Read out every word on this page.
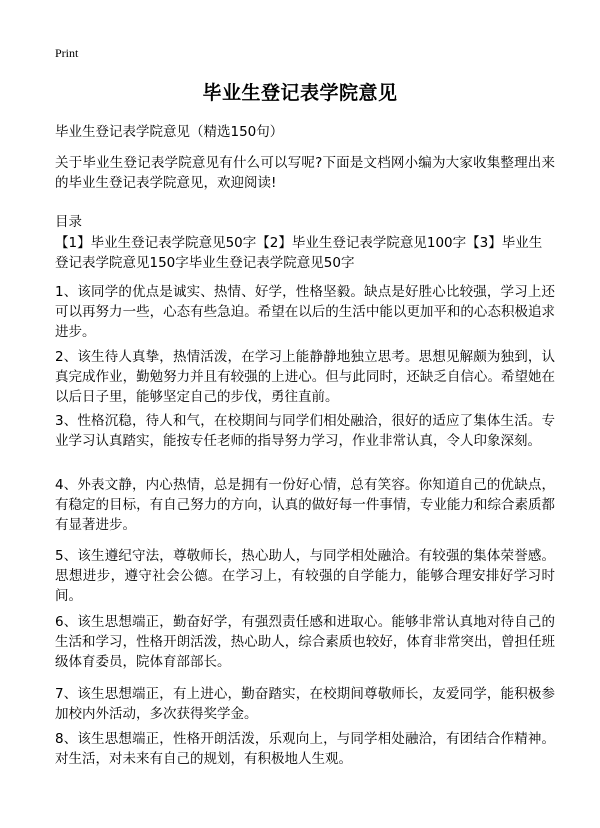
Print
毕业生登记表学院意见
毕业生登记表学院意见（精选150句）
关于毕业生登记表学院意见有什么可以写呢?下面是文档网小编为大家收集整理出来的毕业生登记表学院意见，欢迎阅读!
目录
【1】毕业生登记表学院意见50字【2】毕业生登记表学院意见100字【3】毕业生登记表学院意见150字毕业生登记表学院意见50字
1、该同学的优点是诚实、热情、好学，性格坚毅。缺点是好胜心比较强，学习上还可以再努力一些，心态有些急迫。希望在以后的生活中能以更加平和的心态积极追求进步。
2、该生待人真挚，热情活泼，在学习上能静静地独立思考。思想见解颇为独到，认真完成作业，勤勉努力并且有较强的上进心。但与此同时，还缺乏自信心。希望她在以后日子里，能够坚定自己的步伐，勇往直前。
3、性格沉稳，待人和气，在校期间与同学们相处融洽，很好的适应了集体生活。专业学习认真踏实，能按专任老师的指导努力学习，作业非常认真，令人印象深刻。
4、外表文静，内心热情，总是拥有一份好心情，总有笑容。你知道自己的优缺点，有稳定的目标，有自己努力的方向，认真的做好每一件事情，专业能力和综合素质都有显著进步。
5、该生遵纪守法，尊敬师长，热心助人，与同学相处融洽。有较强的集体荣誉感。思想进步，遵守社会公德。在学习上，有较强的自学能力，能够合理安排好学习时间。
6、该生思想端正，勤奋好学，有强烈责任感和进取心。能够非常认真地对待自己的生活和学习，性格开朗活泼，热心助人，综合素质也较好，体育非常突出，曾担任班级体育委员，院体育部部长。
7、该生思想端正，有上进心，勤奋踏实，在校期间尊敬师长，友爱同学，能积极参加校内外活动，多次获得奖学金。
8、该生思想端正，性格开朗活泼，乐观向上，与同学相处融洽，有团结合作精神。对生活，对未来有自己的规划，有积极地人生观。
